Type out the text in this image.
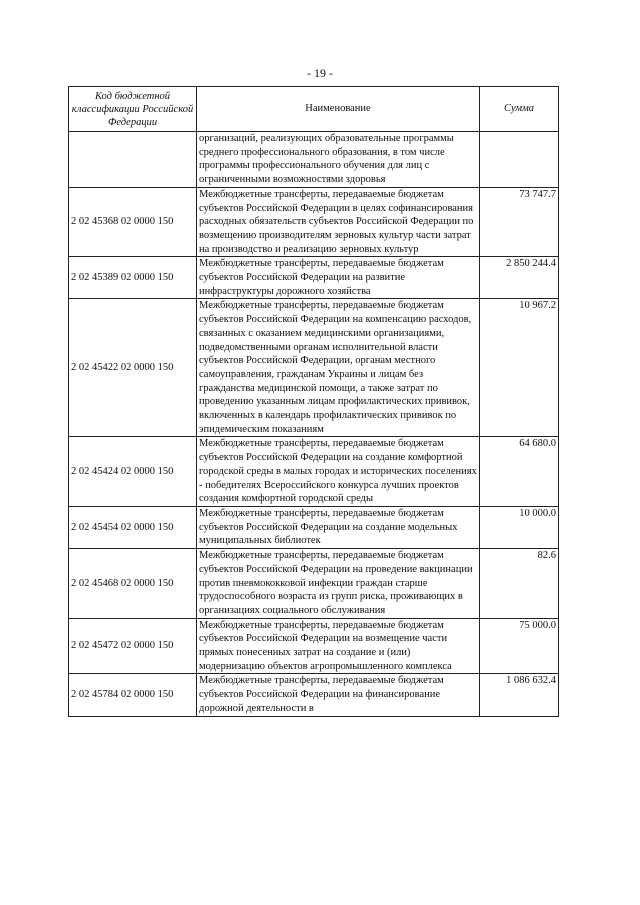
- 19 -
Код бюджетной классификации Российской Федерации	Наименование	Сумма
	организаций, реализующих образовательные программы среднего профессионального образования, в том числе программы профессионального обучения для лиц с ограниченными возможностями здоровья	
2 02 45368 02 0000 150	Межбюджетные трансферты, передаваемые бюджетам субъектов Российской Федерации в целях софинансирования расходных обязательств субъектов Российской Федерации по возмещению производителям зерновых культур части затрат на производство и реализацию зерновых культур	73 747.7
2 02 45389 02 0000 150	Межбюджетные трансферты, передаваемые бюджетам субъектов Российской Федерации на развитие инфраструктуры дорожного хозяйства	2 850 244.4
2 02 45422 02 0000 150	Межбюджетные трансферты, передаваемые бюджетам субъектов Российской Федерации на компенсацию расходов, связанных с оказанием медицинскими организациями, подведомственными органам исполнительной власти субъектов Российской Федерации, органам местного самоуправления, гражданам Украины и лицам без гражданства медицинской помощи, а также затрат по проведению указанным лицам профилактических прививок, включенных в календарь профилактических прививок по эпидемическим показаниям	10 967.2
2 02 45424 02 0000 150	Межбюджетные трансферты, передаваемые бюджетам субъектов Российской Федерации на создание комфортной городской среды в малых городах и исторических поселениях - победителях Всероссийского конкурса лучших проектов создания комфортной городской среды	64 680.0
2 02 45454 02 0000 150	Межбюджетные трансферты, передаваемые бюджетам субъектов Российской Федерации на создание модельных муниципальных библиотек	10 000.0
2 02 45468 02 0000 150	Межбюджетные трансферты, передаваемые бюджетам субъектов Российской Федерации на проведение вакцинации против пневмококковой инфекции граждан старше трудоспособного возраста из групп риска, проживающих в организациях социального обслуживания	82.6
2 02 45472 02 0000 150	Межбюджетные трансферты, передаваемые бюджетам субъектов Российской Федерации на возмещение части прямых понесенных затрат на создание и (или) модернизацию объектов агропромышленного комплекса	75 000.0
2 02 45784 02 0000 150	Межбюджетные трансферты, передаваемые бюджетам субъектов Российской Федерации на финансирование дорожной деятельности в	1 086 632.4
